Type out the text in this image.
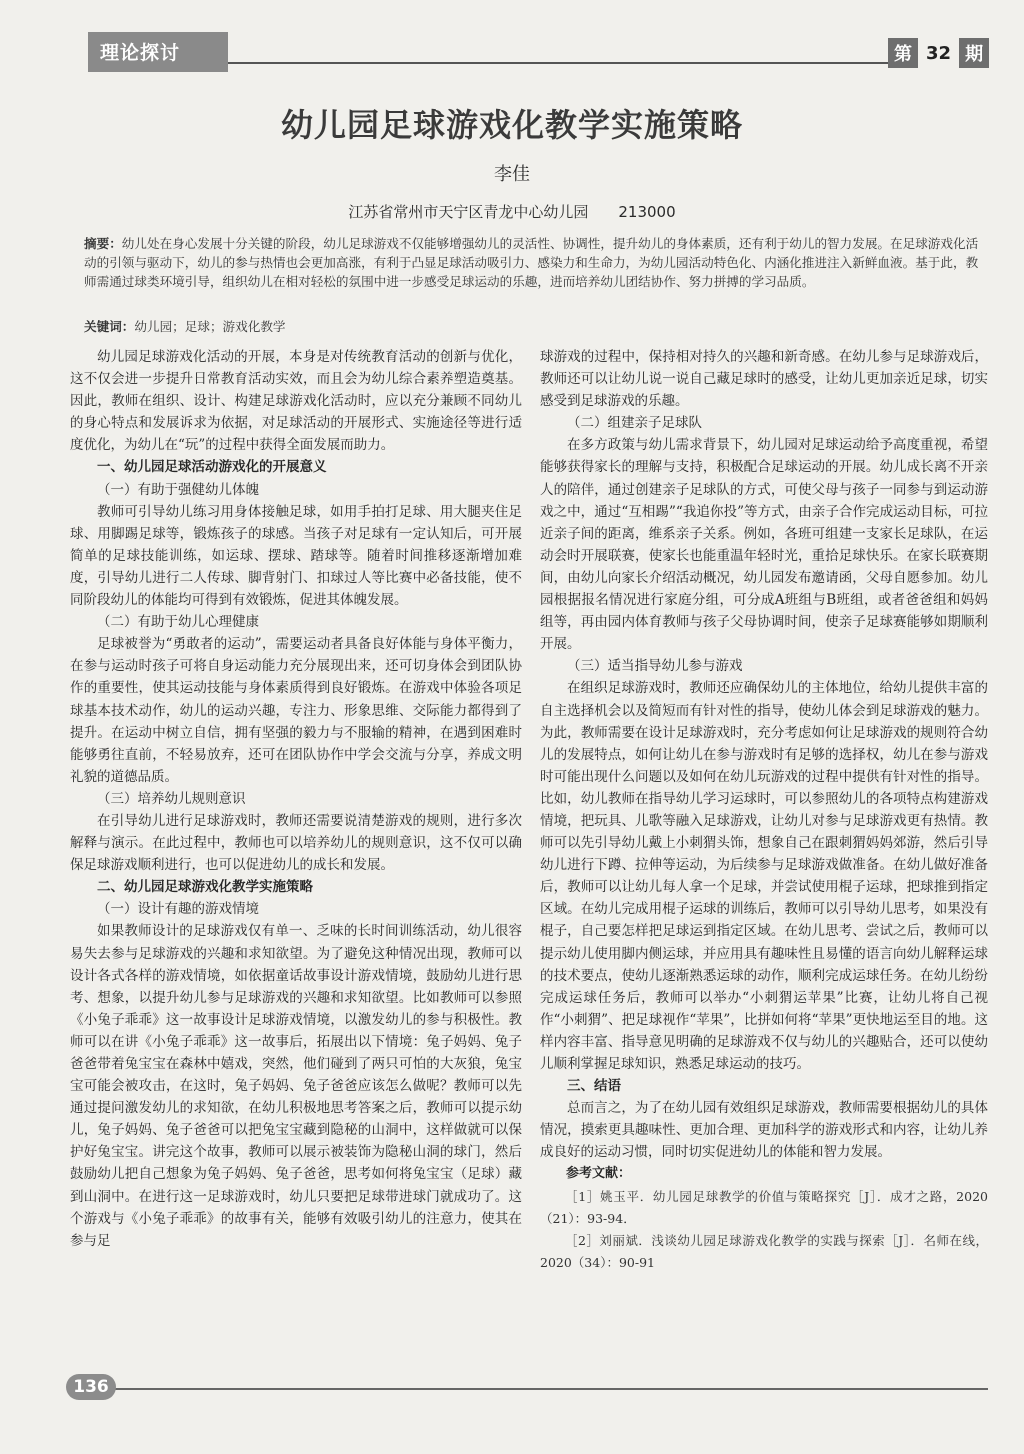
理论探讨	第 32 期
幼儿园足球游戏化教学实施策略
李佳
江苏省常州市天宁区青龙中心幼儿园 213000
摘要：幼儿处在身心发展十分关键的阶段，幼儿足球游戏不仅能够增强幼儿的灵活性、协调性，提升幼儿的身体素质，还有利于幼儿的智力发展。在足球游戏化活动的引领与驱动下，幼儿的参与热情也会更加高涨，有利于凸显足球活动吸引力、感染力和生命力，为幼儿园活动特色化、内涵化推进注入新鲜血液。基于此，教师需通过球类环境引导，组织幼儿在相对轻松的氛围中进一步感受足球运动的乐趣，进而培养幼儿团结协作、努力拼搏的学习品质。
关键词：幼儿园；足球；游戏化教学

幼儿园足球游戏化活动的开展，本身是对传统教育活动的创新与优化，这不仅会进一步提升日常教育活动实效，而且会为幼儿综合素养塑造奠基。因此，教师在组织、设计、构建足球游戏化活动时，应以充分兼顾不同幼儿的身心特点和发展诉求为依据，对足球活动的开展形式、实施途径等进行适度优化，为幼儿在“玩”的过程中获得全面发展而助力。

一、幼儿园足球活动游戏化的开展意义
（一）有助于强健幼儿体魄

教师可引导幼儿练习用身体接触足球，如用手拍打足球、用大腿夹住足球、用脚踢足球等，锻炼孩子的球感。当孩子对足球有一定认知后，可开展简单的足球技能训练，如运球、摆球、踏球等。随着时间推移逐渐增加难度，引导幼儿进行二人传球、脚背射门、扣球过人等比赛中必备技能，使不同阶段幼儿的体能均可得到有效锻炼，促进其体魄发展。

（二）有助于幼儿心理健康

足球被誉为“勇敢者的运动”，需要运动者具备良好体能与身体平衡力，在参与运动时孩子可将自身运动能力充分展现出来，还可切身体会到团队协作的重要性，使其运动技能与身体素质得到良好锻炼。在游戏中体验各项足球基本技术动作，幼儿的运动兴趣，专注力、形象思维、交际能力都得到了提升。在运动中树立自信，拥有坚强的毅力与不服输的精神，在遇到困难时能够勇往直前，不轻易放弃，还可在团队协作中学会交流与分享，养成文明礼貌的道德品质。

（三）培养幼儿规则意识

在引导幼儿进行足球游戏时，教师还需要说清楚游戏的规则，进行多次解释与演示。在此过程中，教师也可以培养幼儿的规则意识，这不仅可以确保足球游戏顺利进行，也可以促进幼儿的成长和发展。

二、幼儿园足球游戏化教学实施策略
（一）设计有趣的游戏情境

如果教师设计的足球游戏仅有单一、乏味的长时间训练活动，幼儿很容易失去参与足球游戏的兴趣和求知欲望。为了避免这种情况出现，教师可以设计各式各样的游戏情境，如依据童话故事设计游戏情境，鼓励幼儿进行思考、想象，以提升幼儿参与足球游戏的兴趣和求知欲望。比如教师可以参照《小兔子乖乖》这一故事设计足球游戏情境，以激发幼儿的参与积极性。教师可以在讲《小兔子乖乖》这一故事后，拓展出以下情境：兔子妈妈、兔子爸爸带着兔宝宝在森林中嬉戏，突然，他们碰到了两只可怕的大灰狼，兔宝宝可能会被攻击，在这时，兔子妈妈、兔子爸爸应该怎么做呢？教师可以先通过提问激发幼儿的求知欲，在幼儿积极地思考答案之后，教师可以提示幼儿，兔子妈妈、兔子爸爸可以把兔宝宝藏到隐秘的山洞中，这样做就可以保护好兔宝宝。讲完这个故事，教师可以展示被装饰为隐秘山洞的球门，然后鼓励幼儿把自己想象为兔子妈妈、兔子爸爸，思考如何将兔宝宝（足球）藏到山洞中。在进行这一足球游戏时，幼儿只要把足球带进球门就成功了。这个游戏与《小兔子乖乖》的故事有关，能够有效吸引幼儿的注意力，使其在参与足

球游戏的过程中，保持相对持久的兴趣和新奇感。在幼儿参与足球游戏后，教师还可以让幼儿说一说自己藏足球时的感受，让幼儿更加亲近足球，切实感受到足球游戏的乐趣。

（二）组建亲子足球队

在多方政策与幼儿需求背景下，幼儿园对足球运动给予高度重视，希望能够获得家长的理解与支持，积极配合足球运动的开展。幼儿成长离不开亲人的陪伴，通过创建亲子足球队的方式，可使父母与孩子一同参与到运动游戏之中，通过“互相踢”“我追你投”等方式，由亲子合作完成运动目标，可拉近亲子间的距离，维系亲子关系。例如，各班可组建一支家长足球队，在运动会时开展联赛，使家长也能重温年轻时光，重拾足球快乐。在家长联赛期间，由幼儿向家长介绍活动概况，幼儿园发布邀请函，父母自愿参加。幼儿园根据报名情况进行家庭分组，可分成A班组与B班组，或者爸爸组和妈妈组等，再由园内体育教师与孩子父母协调时间，使亲子足球赛能够如期顺利开展。

（三）适当指导幼儿参与游戏

在组织足球游戏时，教师还应确保幼儿的主体地位，给幼儿提供丰富的自主选择机会以及简短而有针对性的指导，使幼儿体会到足球游戏的魅力。为此，教师需要在设计足球游戏时，充分考虑如何让足球游戏的规则符合幼儿的发展特点，如何让幼儿在参与游戏时有足够的选择权，幼儿在参与游戏时可能出现什么问题以及如何在幼儿玩游戏的过程中提供有针对性的指导。比如，幼儿教师在指导幼儿学习运球时，可以参照幼儿的各项特点构建游戏情境，把玩具、儿歌等融入足球游戏，让幼儿对参与足球游戏更有热情。教师可以先引导幼儿戴上小刺猬头饰，想象自己在跟刺猬妈妈郊游，然后引导幼儿进行下蹲、拉伸等运动，为后续参与足球游戏做准备。在幼儿做好准备后，教师可以让幼儿每人拿一个足球，并尝试使用棍子运球，把球推到指定区域。在幼儿完成用棍子运球的训练后，教师可以引导幼儿思考，如果没有棍子，自己要怎样把足球运到指定区域。在幼儿思考、尝试之后，教师可以提示幼儿使用脚内侧运球，并应用具有趣味性且易懂的语言向幼儿解释运球的技术要点，使幼儿逐渐熟悉运球的动作，顺利完成运球任务。在幼儿纷纷完成运球任务后，教师可以举办“小刺猬运苹果”比赛，让幼儿将自己视作“小刺猬”、把足球视作“苹果”，比拼如何将“苹果”更快地运至目的地。这样内容丰富、指导意见明确的足球游戏不仅与幼儿的兴趣贴合，还可以使幼儿顺利掌握足球知识，熟悉足球运动的技巧。

三、结语

总而言之，为了在幼儿园有效组织足球游戏，教师需要根据幼儿的具体情况，摸索更具趣味性、更加合理、更加科学的游戏形式和内容，让幼儿养成良好的运动习惯，同时切实促进幼儿的体能和智力发展。

参考文献：

［1］姚玉平．幼儿园足球教学的价值与策略探究［J］．成才之路，2020（21）：93-94．

［2］刘丽斌．浅谈幼儿园足球游戏化教学的实践与探索［J］．名师在线，2020（34）：90-91

136
